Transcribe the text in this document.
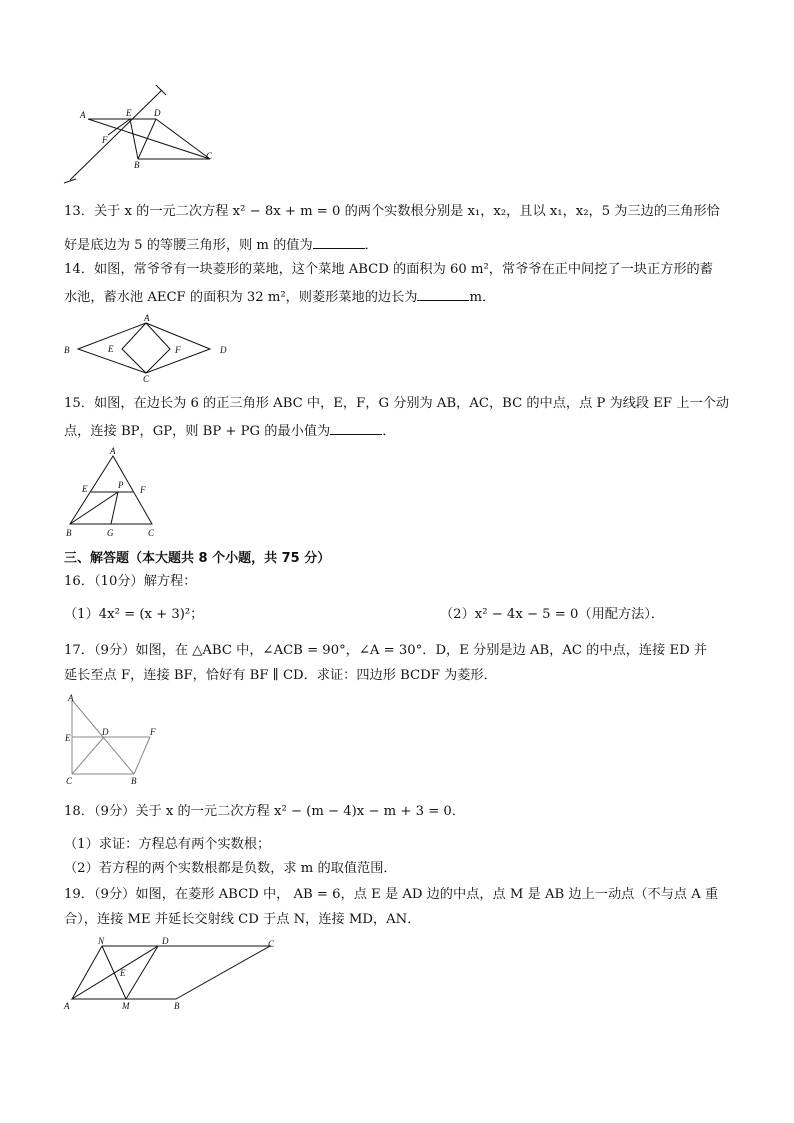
A	E	D
F
B
C
13．关于 x 的一元二次方程 x² − 8x + m = 0 的两个实数根分别是 x₁，x₂，且以 x₁，x₂，5 为三边的三角形恰
好是底边为 5 的等腰三角形，则 m 的值为	．
14．如图，常爷爷有一块菱形的菜地，这个菜地 ABCD 的面积为 60 m²，常爷爷在正中间挖了一块正方形的蓄
水池，蓄水池 AECF 的面积为 32 m²，则菱形菜地的边长为	m．
A
B	E	F	D
C
15．如图，在边长为 6 的正三角形 ABC 中，E，F，G 分别为 AB，AC，BC 的中点，点 P 为线段 EF 上一个动
点，连接 BP，GP，则 BP + PG 的最小值为	．
A
E	P F
B	G	C
三、解答题（本大题共 8 个小题，共 75 分）
16．（10分）解方程：
（1）4x² = (x + 3)²；	（2）x² − 4x − 5 = 0（用配方法）．
17．（9分）如图，在 △ABC 中，∠ACB = 90°，∠A = 30°．D，E 分别是边 AB，AC 的中点，连接 ED 并
延长至点 F，连接 BF，恰好有 BF ∥ CD．求证：四边形 BCDF 为菱形．
A
D	F
E
C	B
18．（9分）关于 x 的一元二次方程 x² − (m − 4)x − m + 3 = 0．
（1）求证：方程总有两个实数根；
（2）若方程的两个实数根都是负数，求 m 的取值范围．
19．（9分）如图，在菱形 ABCD 中， AB = 6，点 E 是 AD 边的中点，点 M 是 AB 边上一动点（不与点 A 重
合），连接 ME 并延长交射线 CD 于点 N，连接 MD，AN．
N	D	C
E
A	M	B
